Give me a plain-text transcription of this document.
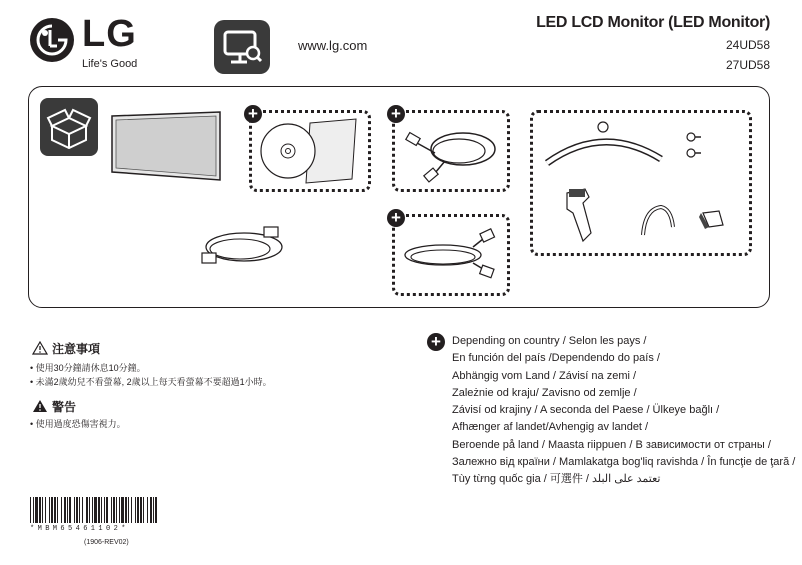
LG
Life's Good
www.lg.com
LED LCD Monitor (LED Monitor)
24UD58
27UD58
+	+
+
注意事項
• 使用30分鐘請休息10分鐘。
• 未滿2歲幼兒不看螢幕, 2歲以上每天看螢幕不要超過1小時。
警告
• 使用過度恐傷害視力。
+	Depending on country / Selon les pays /
En función del país /Dependendo do país /
Abhängig vom Land / Závisí na zemi /
Zależnie od kraju/ Zavisno od zemlje /
Závisí od krajiny / A seconda del Paese / Ülkeye bağlı /
Afhænger af landet/Avhengig av landet /
Beroende på land / Maasta riippuen / В зависимости от страны /
Залежно від країни / Mamlakatga bog'liq ravishda / În funcţie de ţară /
Tùy từng quốc gia / 可選件 / تعتمد على البلد
*MBM65461102*
(1906-REV02)
